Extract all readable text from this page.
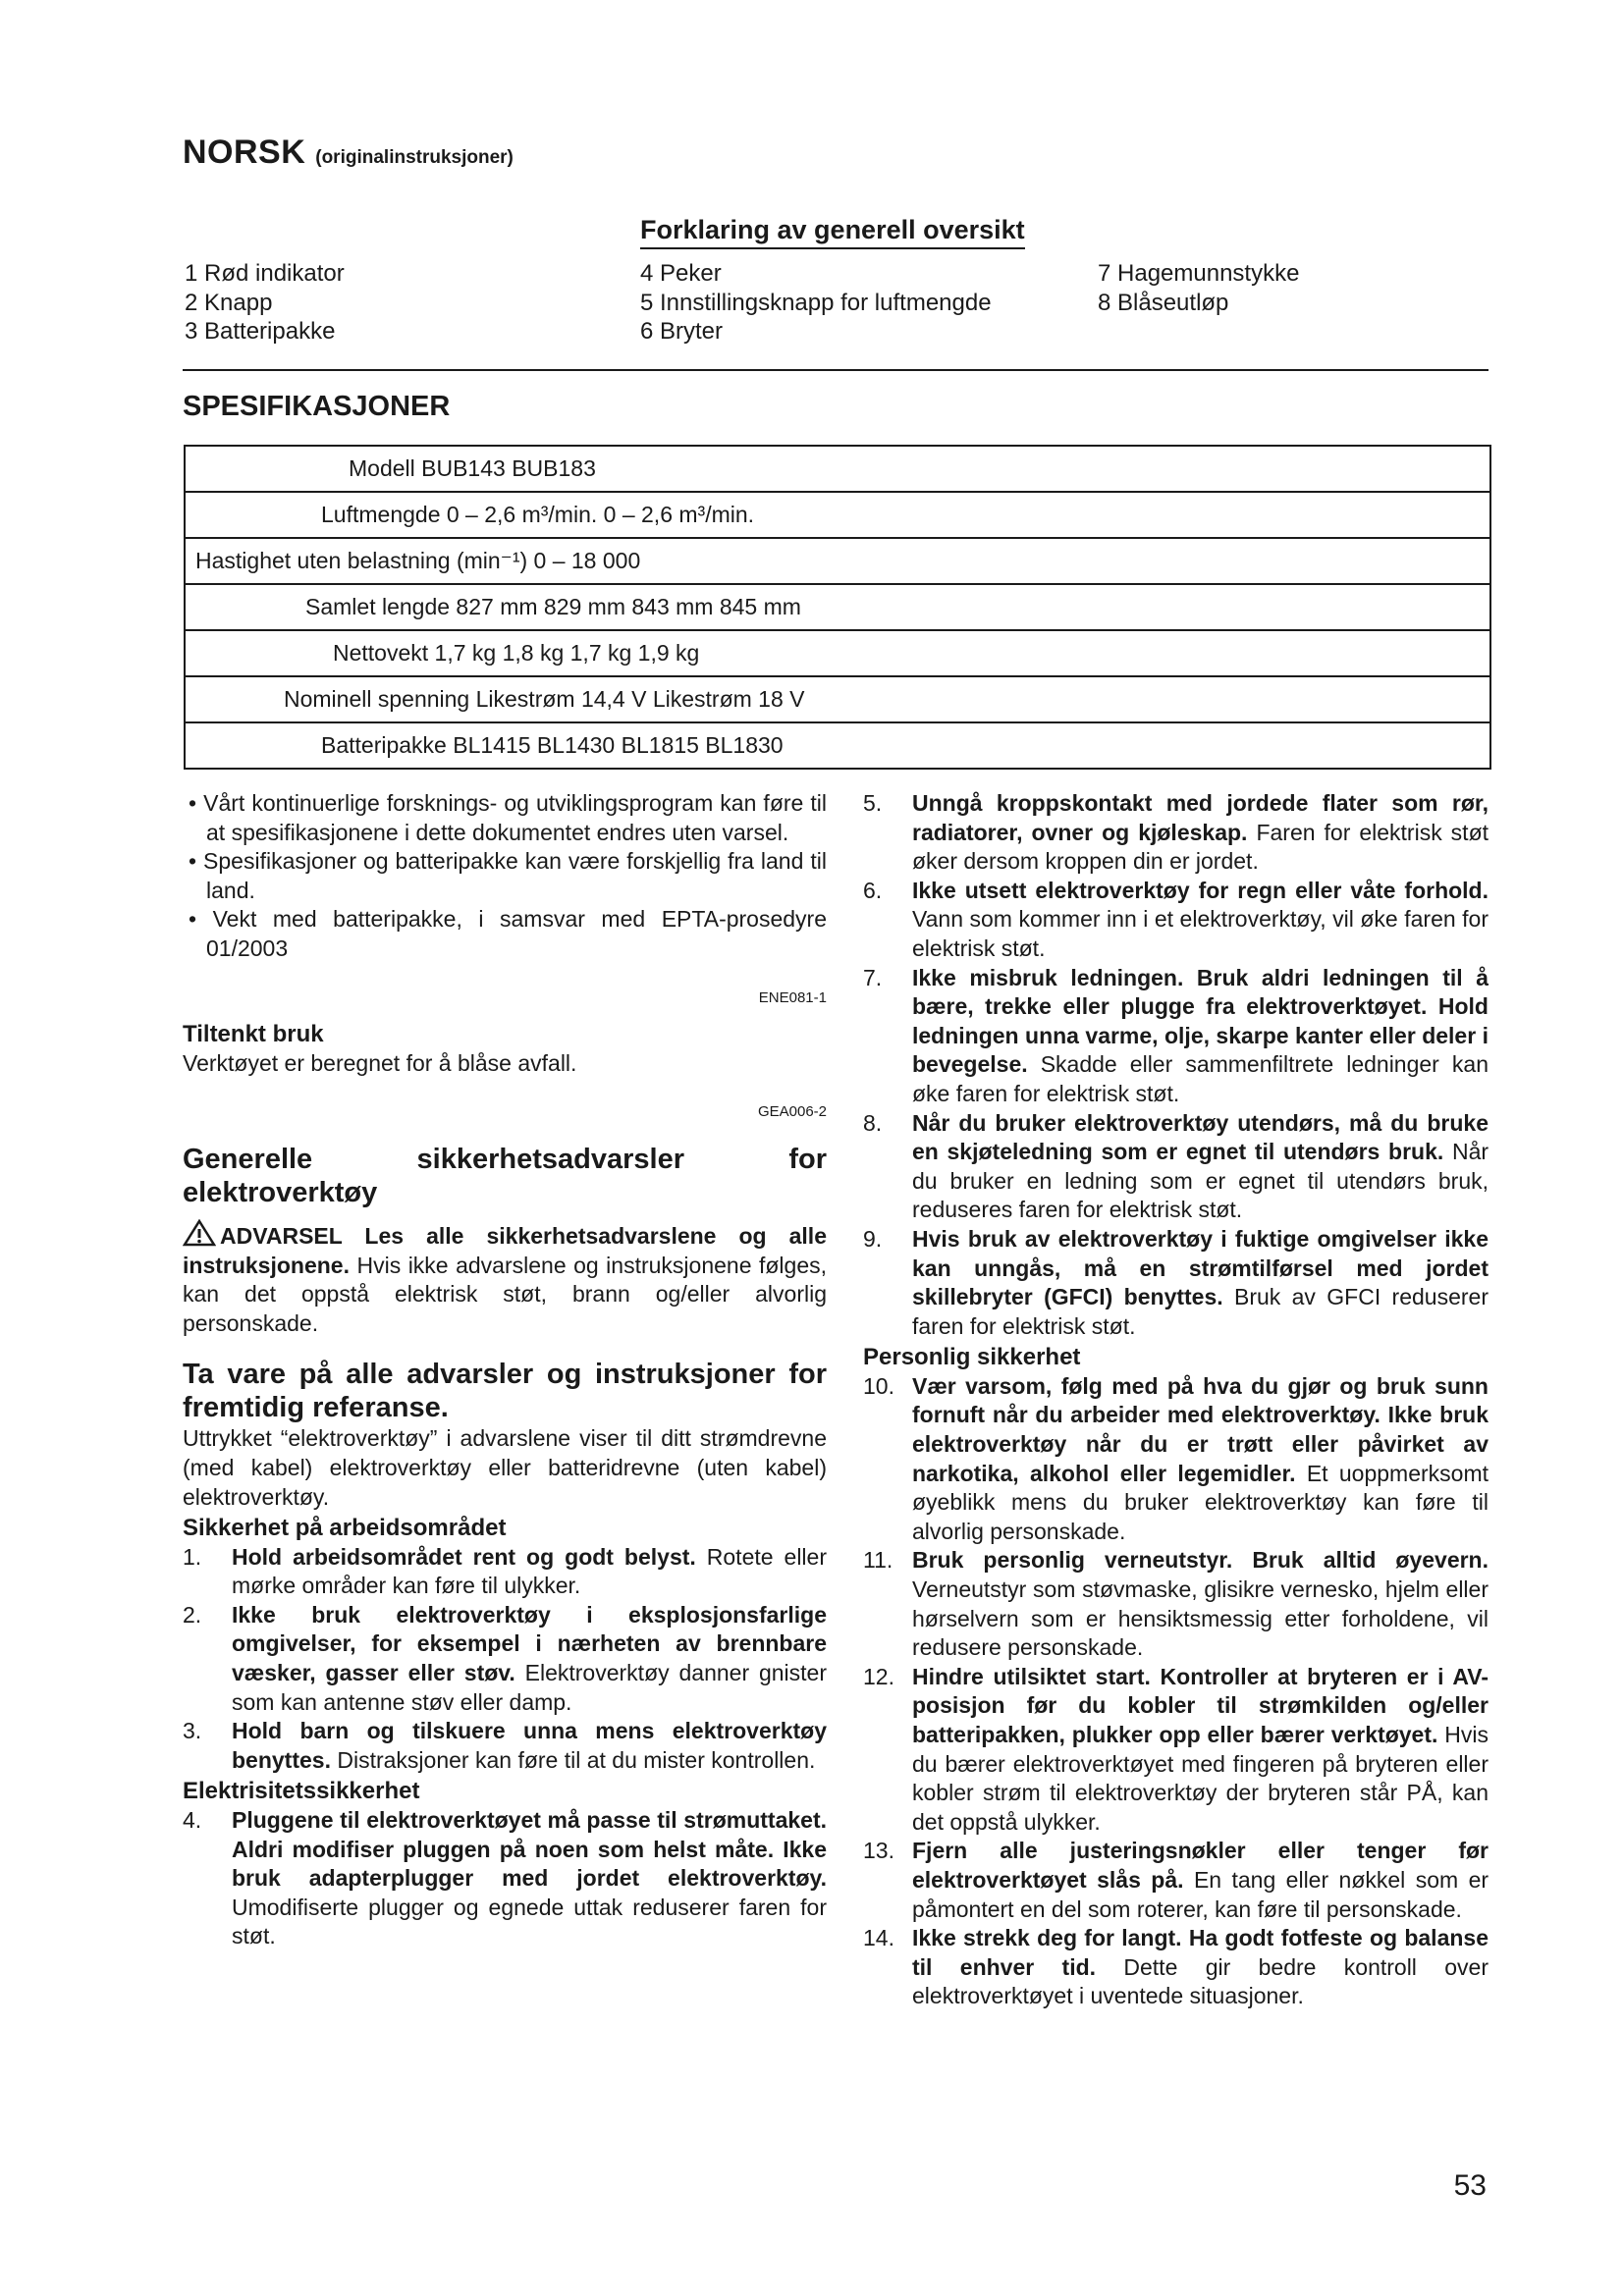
NORSK (originalinstruksjoner)
Forklaring av generell oversikt
1 Rød indikator
2 Knapp
3 Batteripakke
4 Peker
5 Innstillingsknapp for luftmengde
6 Bryter
7 Hagemunnstykke
8 Blåseutløp
SPESIFIKASJONER
Modell BUB143 BUB183
Luftmengde 0 – 2,6 m³/min. 0 – 2,6 m³/min.
Hastighet uten belastning (min⁻¹) 0 – 18 000
Samlet lengde 827 mm 829 mm 843 mm 845 mm
Nettovekt 1,7 kg 1,8 kg 1,7 kg 1,9 kg
Nominell spenning Likestrøm 14,4 V Likestrøm 18 V
Batteripakke BL1415 BL1430 BL1815 BL1830

• Vårt kontinuerlige forsknings- og utviklingsprogram kan føre til at spesifikasjonene i dette dokumentet endres uten varsel.

• Spesifikasjoner og batteripakke kan være forskjellig fra land til land.

• Vekt med batteripakke, i samsvar med EPTA-prosedyre 01/2003

ENE081-1

Tiltenkt bruk

Verktøyet er beregnet for å blåse avfall.

GEA006-2

Generelle sikkerhetsadvarsler for elektroverktøy

ADVARSEL Les alle sikkerhetsadvarslene og alle instruksjonene. Hvis ikke advarslene og instruksjonene følges, kan det oppstå elektrisk støt, brann og/eller alvorlig personskade.

Ta vare på alle advarsler og instruksjoner for fremtidig referanse.

Uttrykket “elektroverktøy” i advarslene viser til ditt strømdrevne (med kabel) elektroverktøy eller batteridrevne (uten kabel) elektroverktøy.

Sikkerhet på arbeidsområdet

1.	Hold arbeidsområdet rent og godt belyst. Rotete eller mørke områder kan føre til ulykker.
2.	Ikke bruk elektroverktøy i eksplosjonsfarlige omgivelser, for eksempel i nærheten av brennbare væsker, gasser eller støv. Elektroverktøy danner gnister som kan antenne støv eller damp.
3.	Hold barn og tilskuere unna mens elektroverktøy benyttes. Distraksjoner kan føre til at du mister kontrollen.

Elektrisitetssikkerhet

4.	Pluggene til elektroverktøyet må passe til strømuttaket. Aldri modifiser pluggen på noen som helst måte. Ikke bruk adapterplugger med jordet elektroverktøy. Umodifiserte plugger og egnede uttak reduserer faren for støt.
5.	Unngå kroppskontakt med jordede flater som rør, radiatorer, ovner og kjøleskap. Faren for elektrisk støt øker dersom kroppen din er jordet.
6.	Ikke utsett elektroverktøy for regn eller våte forhold. Vann som kommer inn i et elektroverktøy, vil øke faren for elektrisk støt.
7.	Ikke misbruk ledningen. Bruk aldri ledningen til å bære, trekke eller plugge fra elektroverktøyet. Hold ledningen unna varme, olje, skarpe kanter eller deler i bevegelse. Skadde eller sammenfiltrete ledninger kan øke faren for elektrisk støt.
8.	Når du bruker elektroverktøy utendørs, må du bruke en skjøteledning som er egnet til utendørs bruk. Når du bruker en ledning som er egnet til utendørs bruk, reduseres faren for elektrisk støt.
9.	Hvis bruk av elektroverktøy i fuktige omgivelser ikke kan unngås, må en strømtilførsel med jordet skillebryter (GFCI) benyttes. Bruk av GFCI reduserer faren for elektrisk støt.

Personlig sikkerhet

10. Vær varsom, følg med på hva du gjør og bruk sunn fornuft når du arbeider med elektroverktøy. Ikke bruk elektroverktøy når du er trøtt eller påvirket av narkotika, alkohol eller legemidler. Et uoppmerksomt øyeblikk mens du bruker elektroverktøy kan føre til alvorlig personskade.
11. Bruk personlig verneutstyr. Bruk alltid øyevern. Verneutstyr som støvmaske, glisikre vernesko, hjelm eller hørselvern som er hensiktsmessig etter forholdene, vil redusere personskade.
12. Hindre utilsiktet start. Kontroller at bryteren er i AV-posisjon før du kobler til strømkilden og/eller batteripakken, plukker opp eller bærer verktøyet. Hvis du bærer elektroverktøyet med fingeren på bryteren eller kobler strøm til elektroverktøy der bryteren står PÅ, kan det oppstå ulykker.
13. Fjern alle justeringsnøkler eller tenger før elektroverktøyet slås på. En tang eller nøkkel som er påmontert en del som roterer, kan føre til personskade.
14. Ikke strekk deg for langt. Ha godt fotfeste og balanse til enhver tid. Dette gir bedre kontroll over elektroverktøyet i uventede situasjoner.
53
